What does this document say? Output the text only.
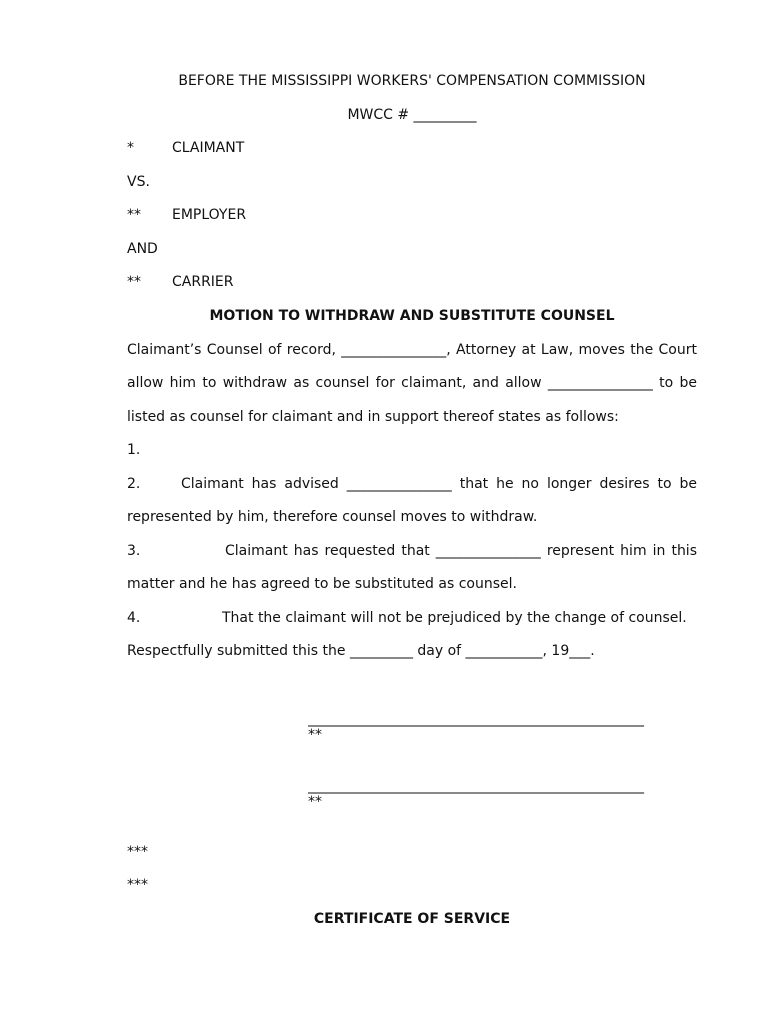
BEFORE THE MISSISSIPPI WORKERS' COMPENSATION COMMISSION
MWCC # _________
*	CLAIMANT
VS.
** EMPLOYER
AND
** CARRIER
MOTION TO WITHDRAW AND SUBSTITUTE COUNSEL
Claimant’s Counsel of record, _______________, Attorney at Law, moves the Court
allow him to withdraw as counsel for claimant, and allow _______________ to be
listed as counsel for claimant and in support thereof states as follows:
1.
2.	Claimant has advised _______________ that he no longer desires to be
represented by him, therefore counsel moves to withdraw.
3.	Claimant has requested that _______________ represent him in this
matter and he has agreed to be substituted as counsel.
4.	That the claimant will not be prejudiced by the change of counsel.
Respectfully submitted this the _________ day of ___________, 19___.
________________________________________________
**
________________________________________________
**
***
***
CERTIFICATE OF SERVICE
